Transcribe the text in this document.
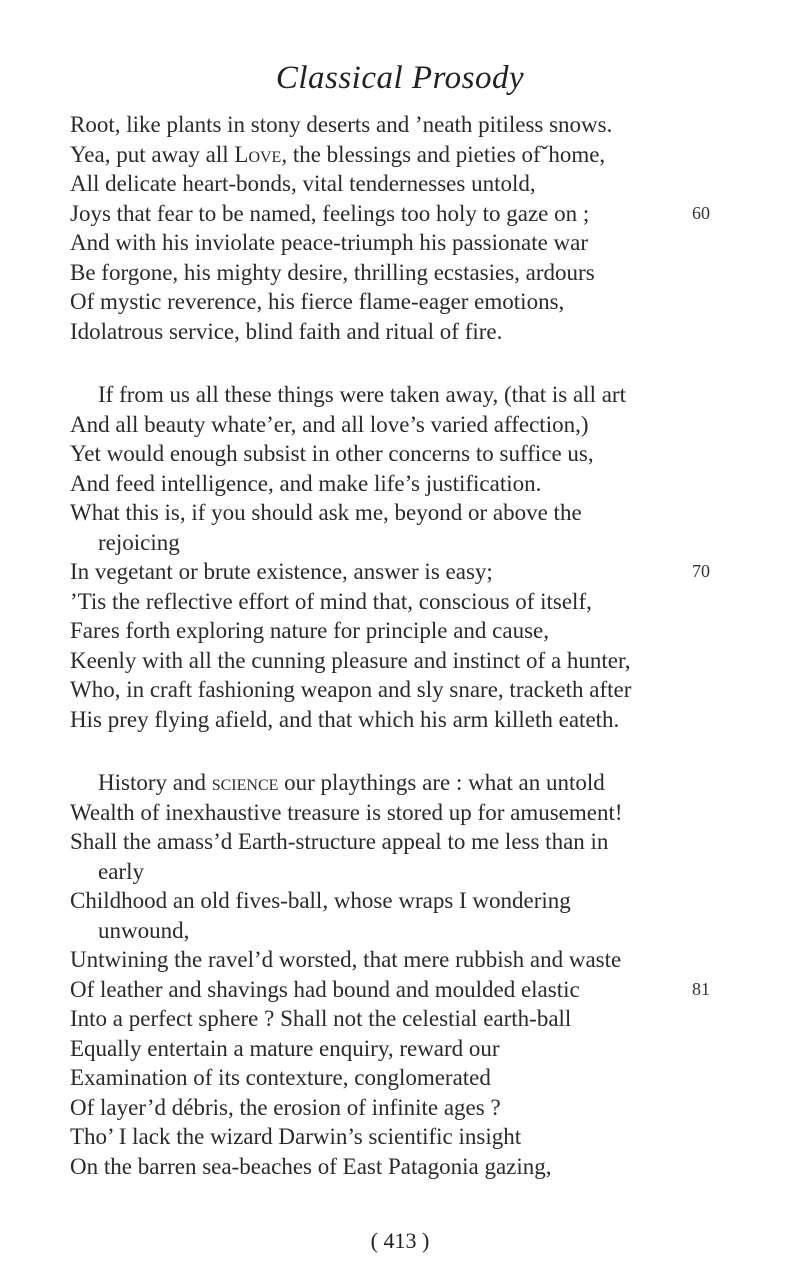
Classical Prosody
Root, like plants in stony deserts and ’neath pitiless snows.
Yea, put away all Love, the blessings and pieties ofˇhome,
All delicate heart-bonds, vital tendernesses untold,
Joys that fear to be named, feelings too holy to gaze on ;	60
And with his inviolate peace-triumph his passionate war
Be forgone, his mighty desire, thrilling ecstasies, ardours
Of mystic reverence, his fierce flame-eager emotions,
Idolatrous service, blind faith and ritual of fire.
If from us all these things were taken away, (that is all art
And all beauty whate’er, and all love’s varied affection,)
Yet would enough subsist in other concerns to suffice us,
And feed intelligence, and make life’s justification.
What this is, if you should ask me, beyond or above the
rejoicing
In vegetant or brute existence, answer is easy;	70
’Tis the reflective effort of mind that, conscious of itself,
Fares forth exploring nature for principle and cause,
Keenly with all the cunning pleasure and instinct of a hunter,
Who, in craft fashioning weapon and sly snare, tracketh after
His prey flying afield, and that which his arm killeth eateth.
History and science our playthings are : what an untold
Wealth of inexhaustive treasure is stored up for amusement!
Shall the amass’d Earth-structure appeal to me less than in
early
Childhood an old fives-ball, whose wraps I wondering
unwound,
Untwining the ravel’d worsted, that mere rubbish and waste
Of leather and shavings had bound and moulded elastic	81
Into a perfect sphere ? Shall not the celestial earth-ball
Equally entertain a mature enquiry, reward our
Examination of its contexture, conglomerated
Of layer’d débris, the erosion of infinite ages ?
Tho’ I lack the wizard Darwin’s scientific insight
On the barren sea-beaches of East Patagonia gazing,
( 413 )
